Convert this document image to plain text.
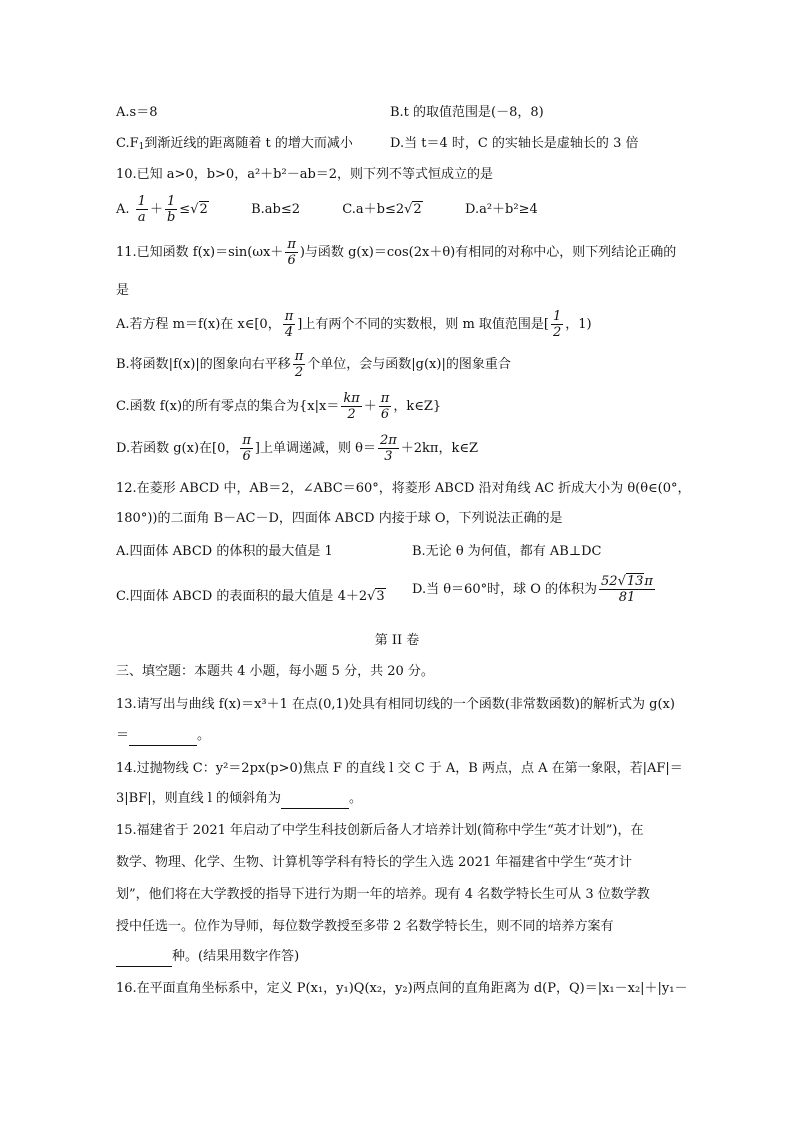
A.s＝8	B.t 的取值范围是(－8，8)
$C.F_1$到渐近线的距离随着 t 的增大而减小	D.当 t＝4 时，C 的实轴长是虚轴长的 3 倍
10.已知 a>0，b>0，a²＋b²－ab＝2，则下列不等式恒成立的是
A. $\frac{1}{a} + \frac{1}{b} \le√2$	B.ab≤2	C.a＋b≤2√2	D.a²＋b²≥4
11.已知函数 $f(x)=\sin(\omega x+ \frac{\pi}{6}$ )与函数 g(x)＝cos(2x＋θ)有相同的对称中心，则下列结论正确的
是
A.若方程 m＝f(x)在 x∈[0， $\frac{\pi}{4}$ ]上有两个不同的实数根，则 m 取值范围是[ $\frac{1}{2}$ ，1)
B.将函数|f(x)|的图象向右平移 $\frac{\pi}{2}$ 个单位，会与函数|g(x)|的图象重合
C.函数 f(x)的所有零点的集合为{$x|x= \frac{k\pi}{2} + \frac{\pi}{6}$ ，k∈Z}
D.若函数 g(x)在[0， $\frac{\pi}{6}$ ]上单调递减，则 $\theta= \frac{2\pi}{3} +2k\pi$，k∈Z
12.在菱形 ABCD 中，AB＝2，∠ABC＝60°，将菱形 ABCD 沿对角线 AC 折成大小为 θ(θ∈(0°，
180°))的二面角 B－AC－D，四面体 ABCD 内接于球 O，下列说法正确的是
A.四面体 ABCD 的体积的最大值是 1	B.无论 θ 为何值，都有 AB⊥DC
C.四面体 ABCD 的表面积的最大值是 4＋2√3 D.当 θ＝60°时，球 O 的体积为 $\frac{52√13\pi}{81}$
第 II 卷
三、填空题：本题共 4 小题，每小题 5 分，共 20 分。
13.请写出与曲线 f(x)＝x³＋1 在点(0,1)处具有相同切线的一个函数(非常数函数)的解析式为 g(x)
＝	。
14.过抛物线 C：y²＝2px(p>0)焦点 F 的直线 l 交 C 于 A，B 两点，点 A 在第一象限，若|AF|＝
3|BF|，则直线 l 的倾斜角为	。
15.福建省于 2021 年启动了中学生科技创新后备人才培养计划(简称中学生“英才计划”)，在
数学、物理、化学、生物、计算机等学科有特长的学生入选 2021 年福建省中学生“英才计
划”，他们将在大学教授的指导下进行为期一年的培养。现有 4 名数学特长生可从 3 位数学教
授中任选一。位作为导师，每位数学教授至多带 2 名数学特长生，则不同的培养方案有
种。(结果用数字作答)
16.在平面直角坐标系中，定义 P(x₁，y₁)Q(x₂，y₂)两点间的直角距离为 d(P，Q)＝|x₁－x₂|＋|y₁－
